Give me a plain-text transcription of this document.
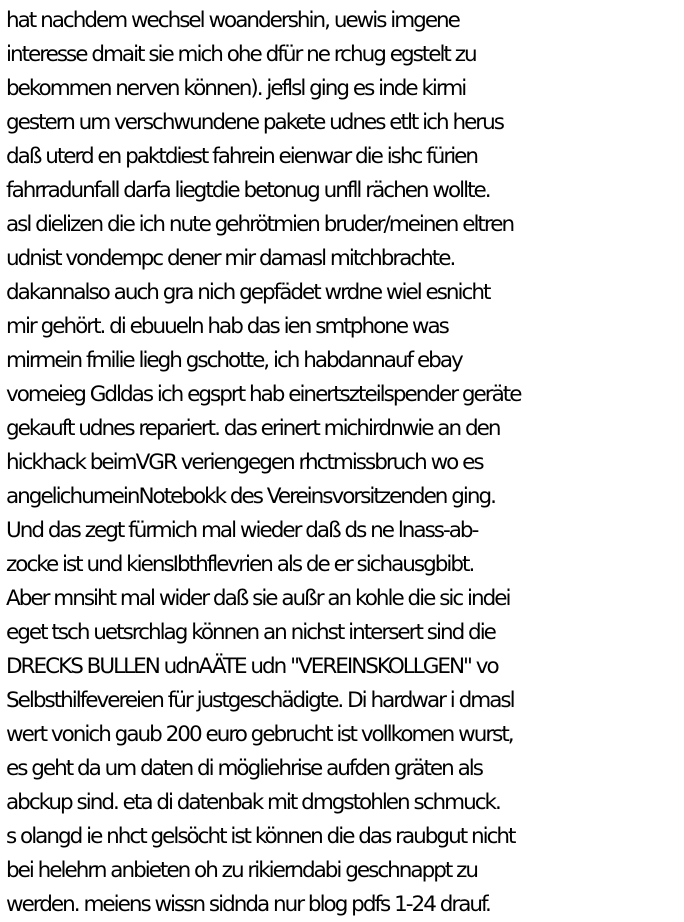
hat nachdem wechsel woandershin, uewis imgene
interesse dmait sie mich ohe dfür ne rchug egstelt zu
bekommen nerven können). jeflsl ging es inde kirmi
gestern um verschwundene pakete udnes etlt ich herus
daß uterd en paktdiest fahrein eienwar die ishc fürien
fahrradunfall darfa liegtdie betonug unfll rächen wollte.
asl dielizen die ich nute gehrötmien bruder/meinen eltren
udnist vondempc dener mir damasl mitchbrachte.
dakannalso auch gra nich gepfädet wrdne wiel esnicht
mir gehört. di ebuueln hab das ien smtphone was
mirmein fmilie liegh gschotte, ich habdannauf ebay
vomeieg Gdldas ich egsprt hab einertszteilspender geräte
gekauft udnes repariert. das erinert michirdnwie an den
hickhack beimVGR veriengegen rhctmissbruch wo es
angelichumeinNotebokk des Vereinsvorsitzenden ging.
Und das zegt fürmich mal wieder daß ds ne lnass-ab-
zocke ist und kiensIbthflevrien als de er sichausgbibt.
Aber mnsiht mal wider daß sie außr an kohle die sic indei
eget tsch uetsrchlag können an nichst intersert sind die
DRECKS BULLEN udnAÄTE udn "VEREINSKOLLGEN" vo
Selbsthilfevereien für justgeschädigte. Di hardwar i dmasl
wert vonich gaub 200 euro gebrucht ist vollkomen wurst,
es geht da um daten di mögliehrise aufden gräten als
abckup sind. eta di datenbak mit dmgstohlen schmuck.
s olangd ie nhct gelsöcht ist können die das raubgut nicht
bei helehrn anbieten oh zu rikierndabi geschnappt zu
werden. meiens wissn sidnda nur blog pdfs 1-24 drauf.
